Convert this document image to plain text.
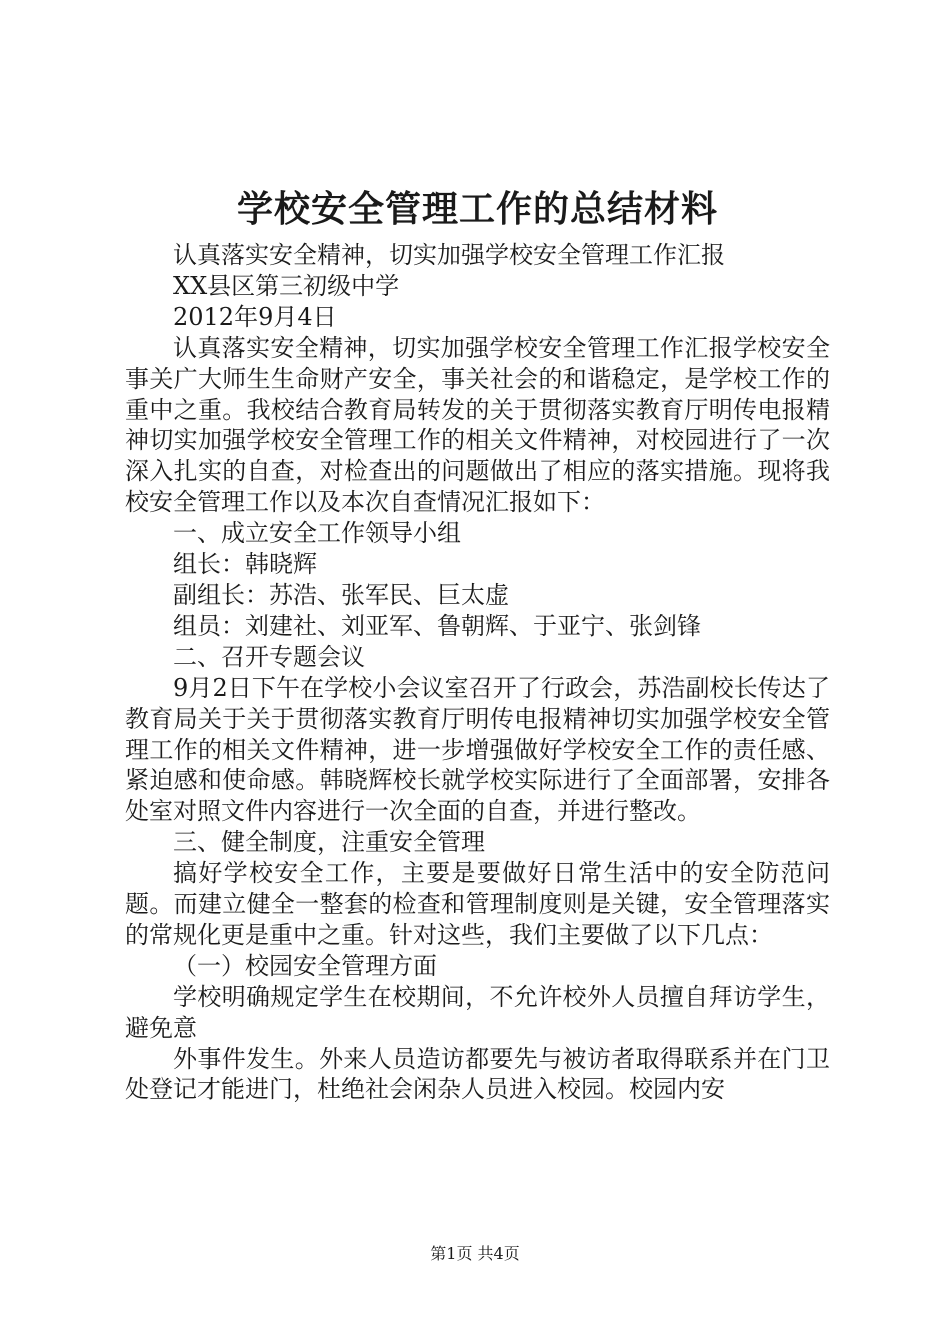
学校安全管理工作的总结材料

认真落实安全精神，切实加强学校安全管理工作汇报

XX县区第三初级中学

2012年9月4日

认真落实安全精神，切实加强学校安全管理工作汇报学校安全事关广大师生生命财产安全，事关社会的和谐稳定，是学校工作的重中之重。我校结合教育局转发的关于贯彻落实教育厅明传电报精神切实加强学校安全管理工作的相关文件精神，对校园进行了一次深入扎实的自查，对检查出的问题做出了相应的落实措施。现将我校安全管理工作以及本次自查情况汇报如下：

一、成立安全工作领导小组

组长：韩晓辉

副组长：苏浩、张军民、巨太虚

组员：刘建社、刘亚军、鲁朝辉、于亚宁、张剑锋

二、召开专题会议

9月2日下午在学校小会议室召开了行政会，苏浩副校长传达了教育局关于关于贯彻落实教育厅明传电报精神切实加强学校安全管理工作的相关文件精神，进一步增强做好学校安全工作的责任感、紧迫感和使命感。韩晓辉校长就学校实际进行了全面部署，安排各处室对照文件内容进行一次全面的自查，并进行整改。

三、健全制度，注重安全管理

搞好学校安全工作，主要是要做好日常生活中的安全防范问题。而建立健全一整套的检查和管理制度则是关键，安全管理落实的常规化更是重中之重。针对这些，我们主要做了以下几点：

（一）校园安全管理方面

学校明确规定学生在校期间，不允许校外人员擅自拜访学生，避免意

外事件发生。外来人员造访都要先与被访者取得联系并在门卫处登记才能进门，杜绝社会闲杂人员进入校园。校园内安

第1页 共4页
